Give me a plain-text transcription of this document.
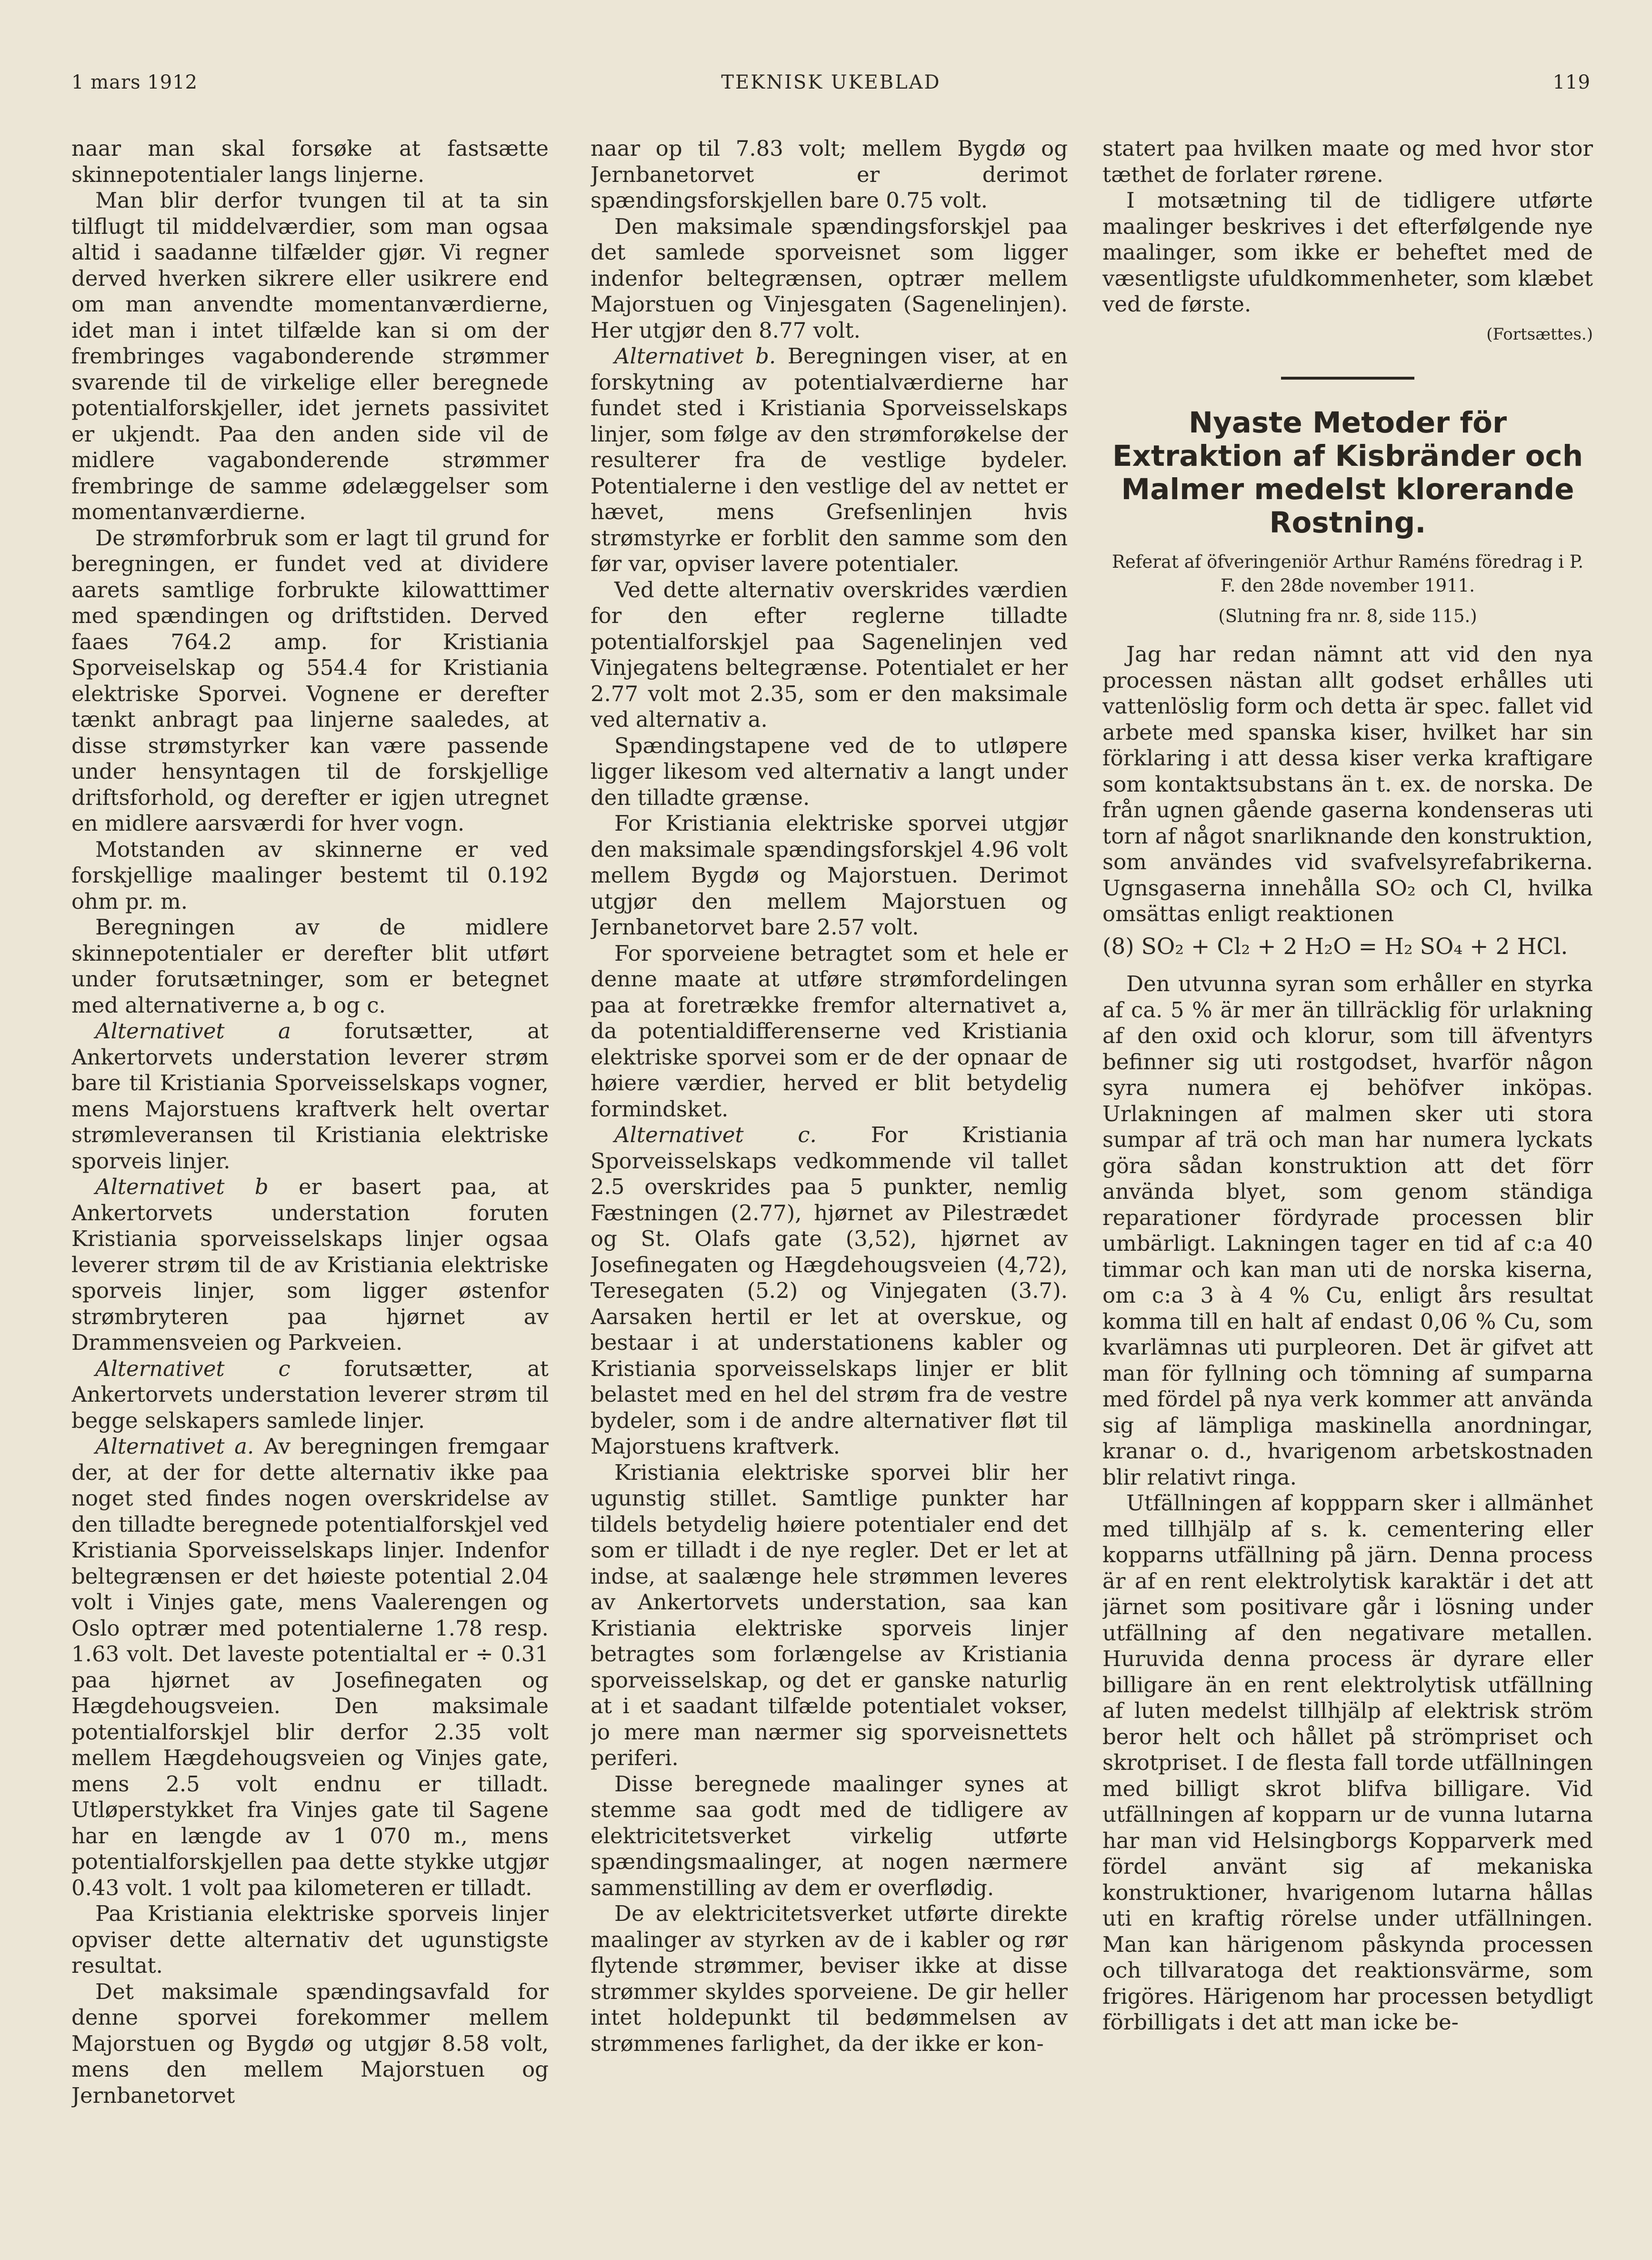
1 mars 1912	TEKNISK UKEBLAD	119

naar man skal forsøke at fastsætte skinnepotentialer langs linjerne.

Man blir derfor tvungen til at ta sin tilflugt til middelværdier, som man ogsaa altid i saadanne tilfælder gjør. Vi regner derved hverken sikrere eller usikrere end om man anvendte momentanværdierne, idet man i intet tilfælde kan si om der frembringes vagabonderende strømmer svarende til de virkelige eller beregnede potentialforskjeller, idet jernets passivitet er ukjendt. Paa den anden side vil de midlere vagabonderende strømmer frembringe de samme ødelæggelser som momentanværdierne.

De strømforbruk som er lagt til grund for beregningen, er fundet ved at dividere aarets samtlige forbrukte kilowatttimer med spændingen og driftstiden. Derved faaes 764.2 amp. for Kristiania Sporveiselskap og 554.4 for Kristiania elektriske Sporvei. Vognene er derefter tænkt anbragt paa linjerne saaledes, at disse strømstyrker kan være passende under hensyntagen til de forskjellige driftsforhold, og derefter er igjen utregnet en midlere aarsværdi for hver vogn.

Motstanden av skinnerne er ved forskjellige maalinger bestemt til 0.192 ohm pr. m.

Beregningen av de midlere skinnepotentialer er derefter blit utført under forutsætninger, som er betegnet med alternativerne a, b og c.

Alternativet a forutsætter, at Ankertorvets understation leverer strøm bare til Kristiania Sporveisselskaps vogner, mens Majorstuens kraftverk helt overtar strømleveransen til Kristiania elektriske sporveis linjer.

Alternativet b er basert paa, at Ankertorvets understation foruten Kristiania sporveisselskaps linjer ogsaa leverer strøm til de av Kristiania elektriske sporveis linjer, som ligger østenfor strømbryteren paa hjørnet av Drammensveien og Parkveien.

Alternativet c forutsætter, at Ankertorvets understation leverer strøm til begge selskapers samlede linjer.

Alternativet a. Av beregningen fremgaar der, at der for dette alternativ ikke paa noget sted findes nogen overskridelse av den tilladte beregnede potentialforskjel ved Kristiania Sporveisselskaps linjer. Indenfor beltegrænsen er det høieste potential 2.04 volt i Vinjes gate, mens Vaalerengen og Oslo optrær med potentialerne 1.78 resp. 1.63 volt. Det laveste potentialtal er ÷ 0.31 paa hjørnet av Josefinegaten og Hægdehougsveien. Den maksimale potentialforskjel blir derfor 2.35 volt mellem Hægdehougsveien og Vinjes gate, mens 2.5 volt endnu er tilladt. Utløperstykket fra Vinjes gate til Sagene har en længde av 1 070 m., mens potentialforskjellen paa dette stykke utgjør 0.43 volt. 1 volt paa kilometeren er tilladt.

Paa Kristiania elektriske sporveis linjer opviser dette alternativ det ugunstigste resultat.

Det maksimale spændingsavfald for denne sporvei forekommer mellem Majorstuen og Bygdø og utgjør 8.58 volt, mens den mellem Majorstuen og Jernbanetorvet

naar op til 7.83 volt; mellem Bygdø og Jernbanetorvet er derimot spændingsforskjellen bare 0.75 volt.

Den maksimale spændingsforskjel paa det samlede sporveisnet som ligger indenfor beltegrænsen, optrær mellem Majorstuen og Vinjesgaten (Sagenelinjen). Her utgjør den 8.77 volt.

Alternativet b. Beregningen viser, at en forskytning av potentialværdierne har fundet sted i Kristiania Sporveisselskaps linjer, som følge av den strømforøkelse der resulterer fra de vestlige bydeler. Potentialerne i den vestlige del av nettet er hævet, mens Grefsenlinjen hvis strømstyrke er forblit den samme som den før var, opviser lavere potentialer.

Ved dette alternativ overskrides værdien for den efter reglerne tilladte potentialforskjel paa Sagenelinjen ved Vinjegatens beltegrænse. Potentialet er her 2.77 volt mot 2.35, som er den maksimale ved alternativ a.

Spændingstapene ved de to utløpere ligger likesom ved alternativ a langt under den tilladte grænse.

For Kristiania elektriske sporvei utgjør den maksimale spændingsforskjel 4.96 volt mellem Bygdø og Majorstuen. Derimot utgjør den mellem Majorstuen og Jernbanetorvet bare 2.57 volt.

For sporveiene betragtet som et hele er denne maate at utføre strømfordelingen paa at foretrække fremfor alternativet a, da potentialdifferenserne ved Kristiania elektriske sporvei som er de der opnaar de høiere værdier, herved er blit betydelig formindsket.

Alternativet c. For Kristiania Sporveisselskaps vedkommende vil tallet 2.5 overskrides paa 5 punkter, nemlig Fæstningen (2.77), hjørnet av Pilestrædet og St. Olafs gate (3,52), hjørnet av Josefinegaten og Hægdehougsveien (4,72), Teresegaten (5.2) og Vinjegaten (3.7). Aarsaken hertil er let at overskue, og bestaar i at understationens kabler og Kristiania sporveisselskaps linjer er blit belastet med en hel del strøm fra de vestre bydeler, som i de andre alternativer fløt til Majorstuens kraftverk.

Kristiania elektriske sporvei blir her ugunstig stillet. Samtlige punkter har tildels betydelig høiere potentialer end det som er tilladt i de nye regler. Det er let at indse, at saalænge hele strømmen leveres av Ankertorvets understation, saa kan Kristiania elektriske sporveis linjer betragtes som forlængelse av Kristiania sporveisselskap, og det er ganske naturlig at i et saadant tilfælde potentialet vokser, jo mere man nærmer sig sporveisnettets periferi.

Disse beregnede maalinger synes at stemme saa godt med de tidligere av elektricitetsverket virkelig utførte spændingsmaalinger, at nogen nærmere sammenstilling av dem er overflødig.

De av elektricitetsverket utførte direkte maalinger av styrken av de i kabler og rør flytende strømmer, beviser ikke at disse strømmer skyldes sporveiene. De gir heller intet holdepunkt til bedømmelsen av strømmenes farlighet, da der ikke er kon-

statert paa hvilken maate og med hvor stor tæthet de forlater rørene.

I motsætning til de tidligere utførte maalinger beskrives i det efterfølgende nye maalinger, som ikke er beheftet med de væsentligste ufuldkommenheter, som klæbet ved de første.

(Fortsættes.)

Nyaste Metoder för Extraktion af Kisbränder och Malmer medelst klorerande Rostning.

Referat af öfveringeniör Arthur Raméns föredrag i P. F. den 28de november 1911.

(Slutning fra nr. 8, side 115.)

Jag har redan nämnt att vid den nya processen nästan allt godset erhålles uti vattenlöslig form och detta är spec. fallet vid arbete med spanska kiser, hvilket har sin förklaring i att dessa kiser verka kraftigare som kontaktsubstans än t. ex. de norska. De från ugnen gående gaserna kondenseras uti torn af något snarliknande den konstruktion, som användes vid svafvelsyrefabrikerna. Ugnsgaserna innehålla SO₂ och Cl, hvilka omsättas enligt reaktionen

(8) SO₂ + Cl₂ + 2 H₂O = H₂ SO₄ + 2 HCl.

Den utvunna syran som erhåller en styrka af ca. 5 % är mer än tillräcklig för urlakning af den oxid och klorur, som till äfventyrs befinner sig uti rostgodset, hvarför någon syra numera ej behöfver inköpas. Urlakningen af malmen sker uti stora sumpar af trä och man har numera lyckats göra sådan konstruktion att det förr använda blyet, som genom ständiga reparationer fördyrade processen blir umbärligt. Lakningen tager en tid af c:a 40 timmar och kan man uti de norska kiserna, om c:a 3 à 4 % Cu, enligt års resultat komma till en halt af endast 0,06 % Cu, som kvarlämnas uti purpleoren. Det är gifvet att man för fyllning och tömning af sumparna med fördel på nya verk kommer att använda sig af lämpliga maskinella anordningar, kranar o. d., hvarigenom arbetskostnaden blir relativt ringa.

Utfällningen af koppparn sker i allmänhet med tillhjälp af s. k. cementering eller kopparns utfällning på järn. Denna process är af en rent elektrolytisk karaktär i det att järnet som positivare går i lösning under utfällning af den negativare metallen. Huruvida denna process är dyrare eller billigare än en rent elektrolytisk utfällning af luten medelst tillhjälp af elektrisk ström beror helt och hållet på strömpriset och skrotpriset. I de flesta fall torde utfällningen med billigt skrot blifva billigare. Vid utfällningen af kopparn ur de vunna lutarna har man vid Helsingborgs Kopparverk med fördel använt sig af mekaniska konstruktioner, hvarigenom lutarna hållas uti en kraftig rörelse under utfällningen. Man kan härigenom påskynda processen och tillvaratoga det reaktionsvärme, som frigöres. Härigenom har processen betydligt förbilligats i det att man icke be-
